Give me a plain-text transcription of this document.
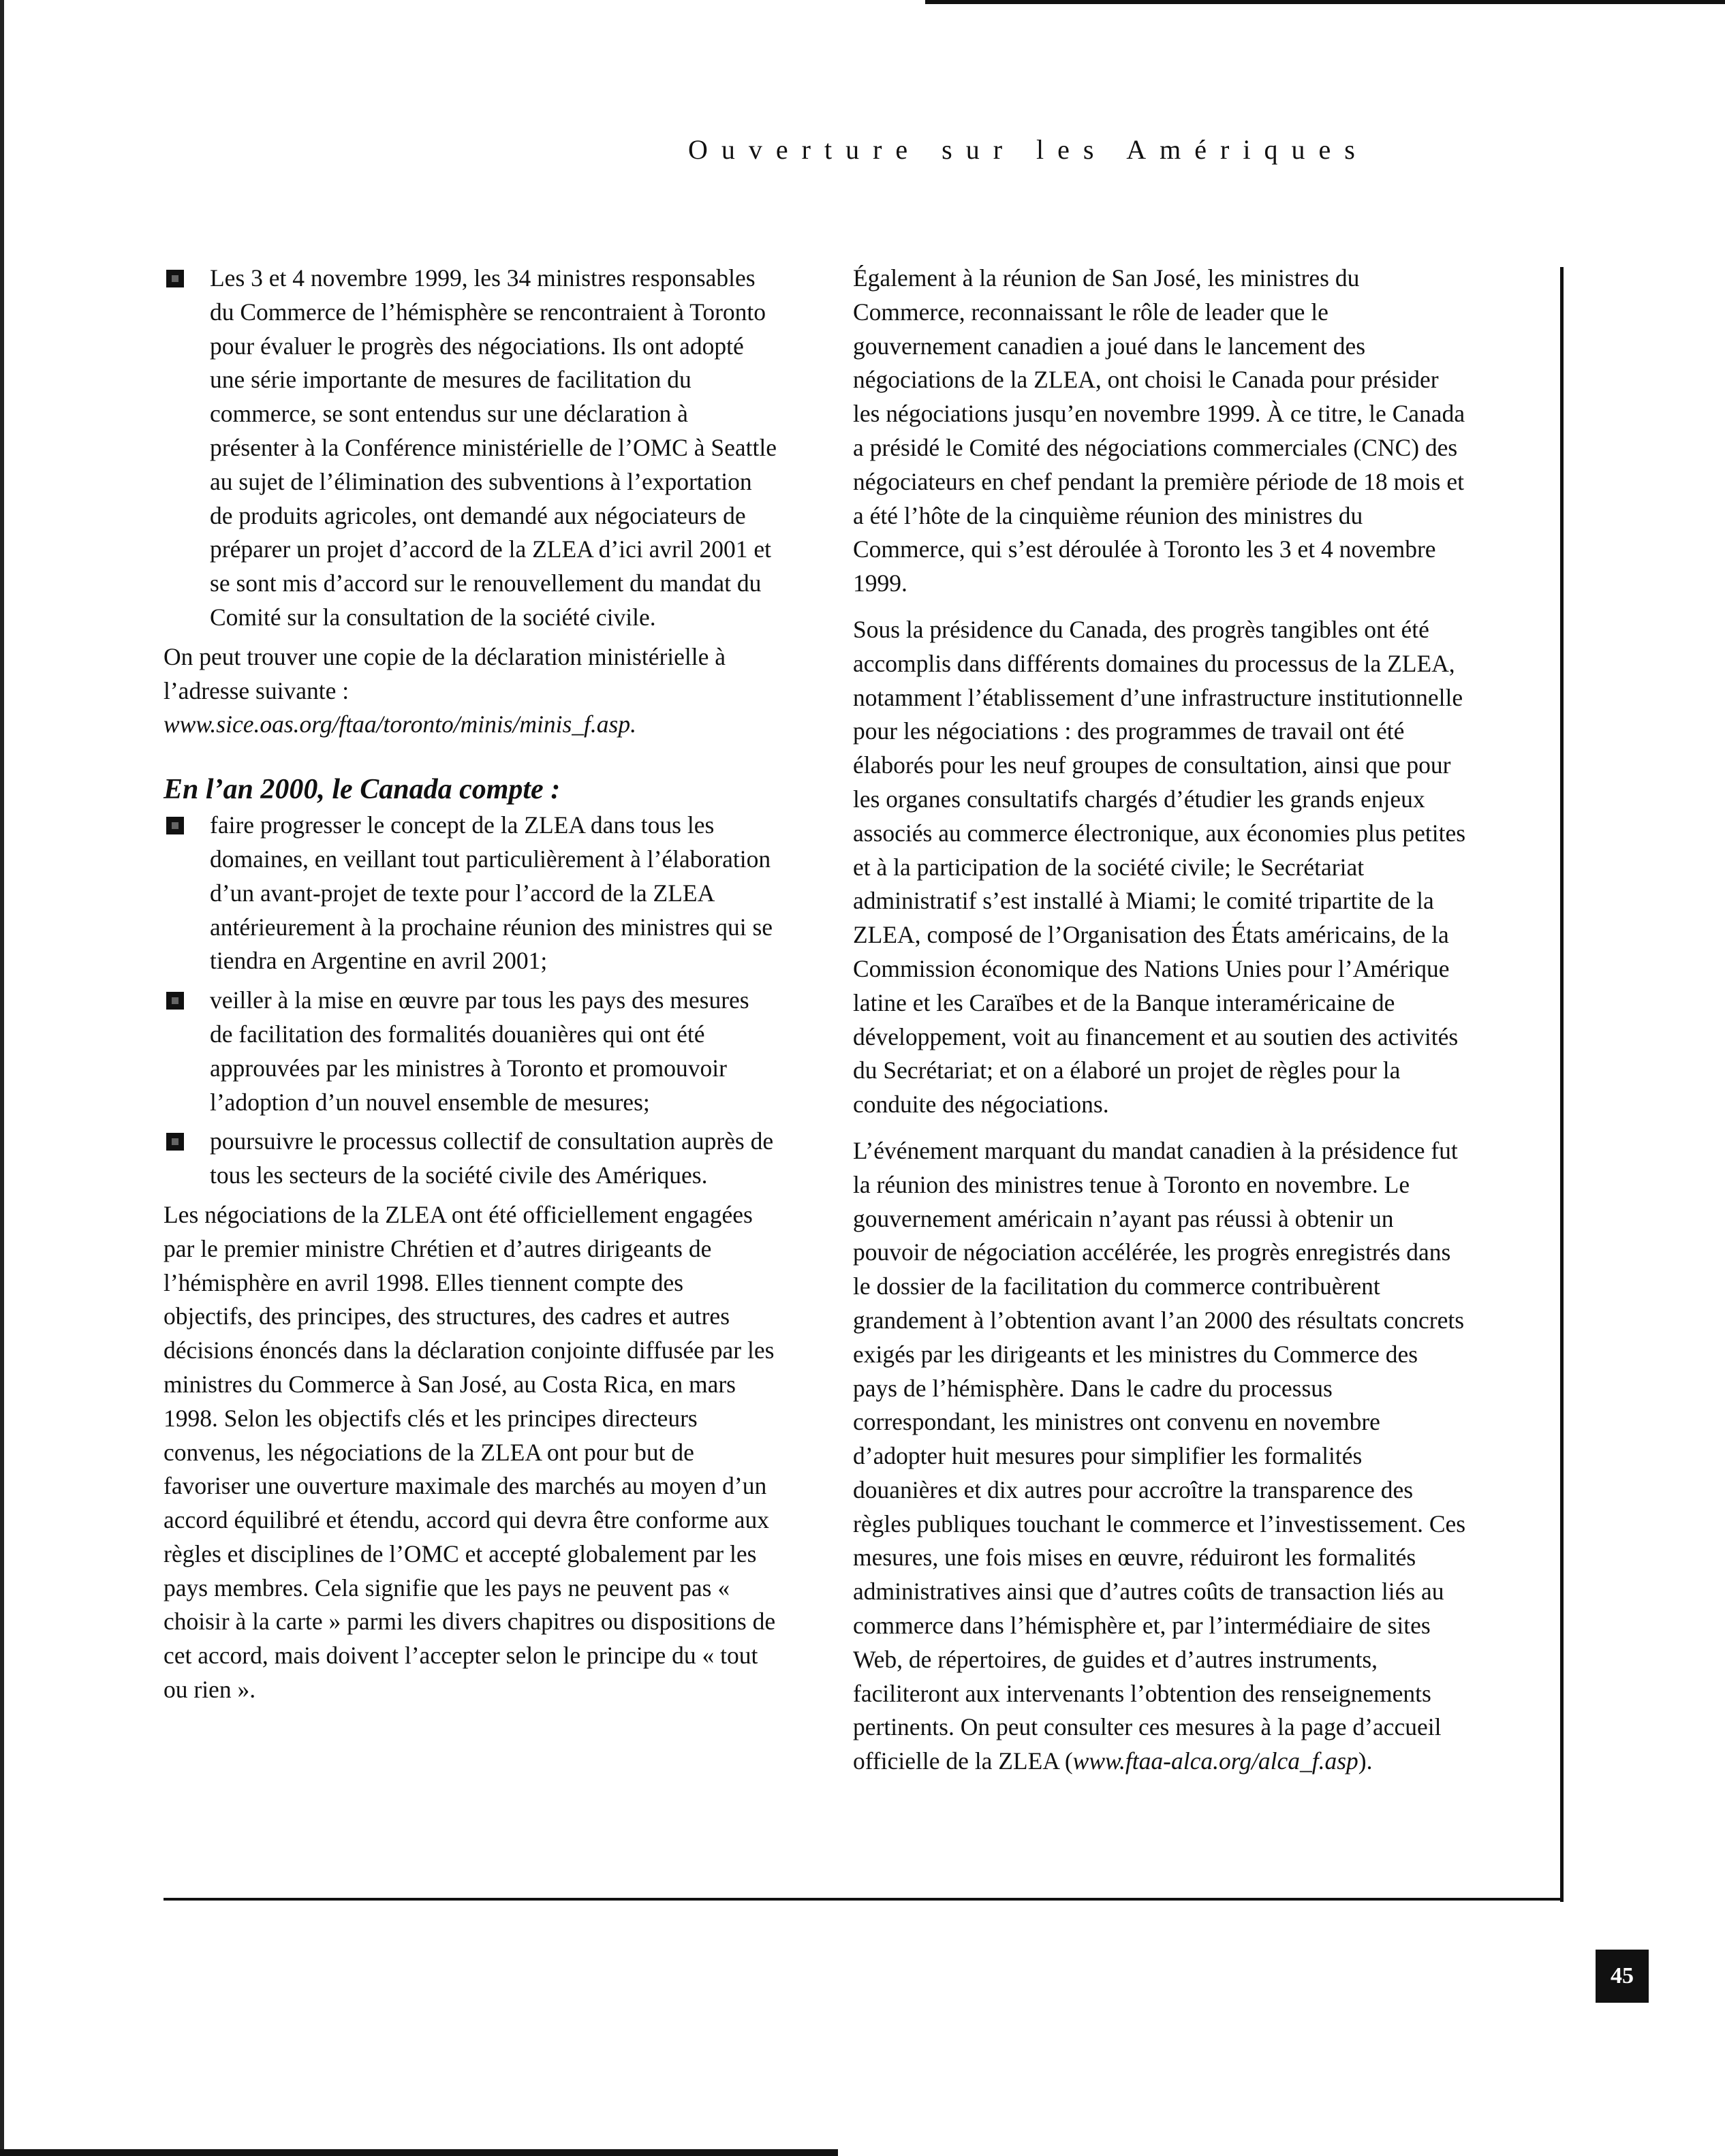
Ouverture sur les Amériques
Les 3 et 4 novembre 1999, les 34 ministres responsables du Commerce de l’hémisphère se rencontraient à Toronto pour évaluer le progrès des négociations. Ils ont adopté une série importante de mesures de facilitation du commerce, se sont entendus sur une déclaration à présenter à la Conférence ministérielle de l’OMC à Seattle au sujet de l’élimination des subventions à l’exportation de produits agricoles, ont demandé aux négociateurs de préparer un projet d’accord de la ZLEA d’ici avril 2001 et se sont mis d’accord sur le renouvellement du mandat du Comité sur la consultation de la société civile.

On peut trouver une copie de la déclaration ministérielle à l’adresse suivante : www.sice.oas.org/ftaa/toronto/minis/minis_f.asp.

En l’an 2000, le Canada compte :
faire progresser le concept de la ZLEA dans tous les domaines, en veillant tout particulièrement à l’élaboration d’un avant-projet de texte pour l’accord de la ZLEA antérieurement à la prochaine réunion des ministres qui se tiendra en Argentine en avril 2001;
veiller à la mise en œuvre par tous les pays des mesures de facilitation des formalités douanières qui ont été approuvées par les ministres à Toronto et promouvoir l’adoption d’un nouvel ensemble de mesures;
poursuivre le processus collectif de consultation auprès de tous les secteurs de la société civile des Amériques.

Les négociations de la ZLEA ont été officiellement engagées par le premier ministre Chrétien et d’autres dirigeants de l’hémisphère en avril 1998. Elles tiennent compte des objectifs, des principes, des structures, des cadres et autres décisions énoncés dans la déclaration conjointe diffusée par les ministres du Commerce à San José, au Costa Rica, en mars 1998. Selon les objectifs clés et les principes directeurs convenus, les négociations de la ZLEA ont pour but de favoriser une ouverture maximale des marchés au moyen d’un accord équilibré et étendu, accord qui devra être conforme aux règles et disciplines de l’OMC et accepté globalement par les pays membres. Cela signifie que les pays ne peuvent pas « choisir à la carte » parmi les divers chapitres ou dispositions de cet accord, mais doivent l’accepter selon le principe du « tout ou rien ».

Également à la réunion de San José, les ministres du Commerce, reconnaissant le rôle de leader que le gouvernement canadien a joué dans le lancement des négociations de la ZLEA, ont choisi le Canada pour présider les négociations jusqu’en novembre 1999. À ce titre, le Canada a présidé le Comité des négociations commerciales (CNC) des négociateurs en chef pendant la première période de 18 mois et a été l’hôte de la cinquième réunion des ministres du Commerce, qui s’est déroulée à Toronto les 3 et 4 novembre 1999.

Sous la présidence du Canada, des progrès tangibles ont été accomplis dans différents domaines du processus de la ZLEA, notamment l’établissement d’une infrastructure institutionnelle pour les négociations : des programmes de travail ont été élaborés pour les neuf groupes de consultation, ainsi que pour les organes consultatifs chargés d’étudier les grands enjeux associés au commerce électronique, aux économies plus petites et à la participation de la société civile; le Secrétariat administratif s’est installé à Miami; le comité tripartite de la ZLEA, composé de l’Organisation des États américains, de la Commission économique des Nations Unies pour l’Amérique latine et les Caraïbes et de la Banque interaméricaine de développement, voit au financement et au soutien des activités du Secrétariat; et on a élaboré un projet de règles pour la conduite des négociations.

L’événement marquant du mandat canadien à la présidence fut la réunion des ministres tenue à Toronto en novembre. Le gouvernement américain n’ayant pas réussi à obtenir un pouvoir de négociation accélérée, les progrès enregistrés dans le dossier de la facilitation du commerce contribuèrent grandement à l’obtention avant l’an 2000 des résultats concrets exigés par les dirigeants et les ministres du Commerce des pays de l’hémisphère. Dans le cadre du processus correspondant, les ministres ont convenu en novembre d’adopter huit mesures pour simplifier les formalités douanières et dix autres pour accroître la transparence des règles publiques touchant le commerce et l’investissement. Ces mesures, une fois mises en œuvre, réduiront les formalités administratives ainsi que d’autres coûts de transaction liés au commerce dans l’hémisphère et, par l’intermédiaire de sites Web, de répertoires, de guides et d’autres instruments, faciliteront aux intervenants l’obtention des renseignements pertinents. On peut consulter ces mesures à la page d’accueil officielle de la ZLEA (www.ftaa-alca.org/alca_f.asp).

45
